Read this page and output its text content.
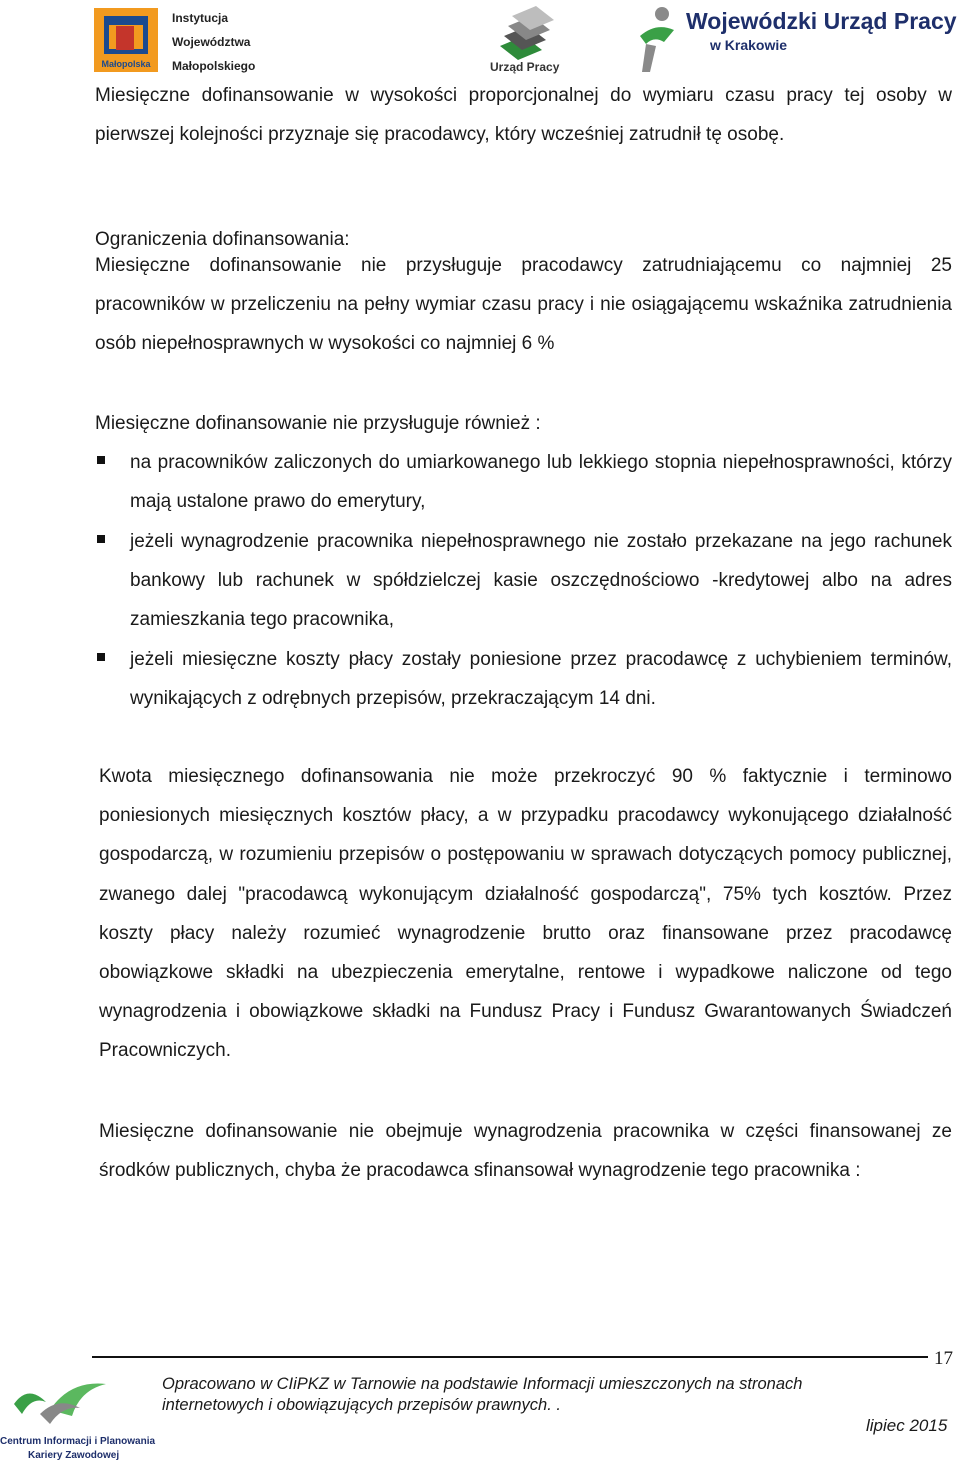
Małopolska
Instytucja
Województwa
Małopolskiego	Urząd Pracy
Wojewódzki Urząd Pracy
w Krakowie
Miesięczne dofinansowanie w wysokości proporcjonalnej do wymiaru czasu pracy tej osoby w pierwszej kolejności przyznaje się pracodawcy, który wcześniej zatrudnił tę osobę.
Ograniczenia dofinansowania:
Miesięczne dofinansowanie nie przysługuje pracodawcy zatrudniającemu co najmniej 25 pracowników w przeliczeniu na pełny wymiar czasu pracy i nie osiągającemu wskaźnika zatrudnienia osób niepełnosprawnych w wysokości co najmniej 6 %
Miesięczne dofinansowanie nie przysługuje również :
na pracowników zaliczonych do umiarkowanego lub lekkiego stopnia niepełnosprawności, którzy mają ustalone prawo do emerytury,
jeżeli wynagrodzenie pracownika niepełnosprawnego nie zostało przekazane na jego rachunek bankowy lub rachunek w spółdzielczej kasie oszczędnościowo -kredytowej albo na adres zamieszkania tego pracownika,
jeżeli miesięczne koszty płacy zostały poniesione przez pracodawcę z uchybieniem terminów, wynikających z odrębnych przepisów, przekraczającym 14 dni.
Kwota miesięcznego dofinansowania nie może przekroczyć 90 % faktycznie i terminowo poniesionych miesięcznych kosztów płacy, a w przypadku pracodawcy wykonującego działalność gospodarczą, w rozumieniu przepisów o postępowaniu w sprawach dotyczących pomocy publicznej, zwanego dalej "pracodawcą wykonującym działalność gospodarczą", 75% tych kosztów. Przez koszty płacy należy rozumieć wynagrodzenie brutto oraz finansowane przez pracodawcę obowiązkowe składki na ubezpieczenia emerytalne, rentowe i wypadkowe naliczone od tego wynagrodzenia i obowiązkowe składki na Fundusz Pracy i Fundusz Gwarantowanych Świadczeń Pracowniczych.
Miesięczne dofinansowanie nie obejmuje wynagrodzenia pracownika w części finansowanej ze środków publicznych, chyba że pracodawca sfinansował wynagrodzenie tego pracownika :
Centrum Informacji i Planowania
Kariery Zawodowej
17
Opracowano w CIiPKZ w Tarnowie na podstawie Informacji umieszczonych na stronach
internetowych i obowiązujących przepisów prawnych. .
lipiec 2015
